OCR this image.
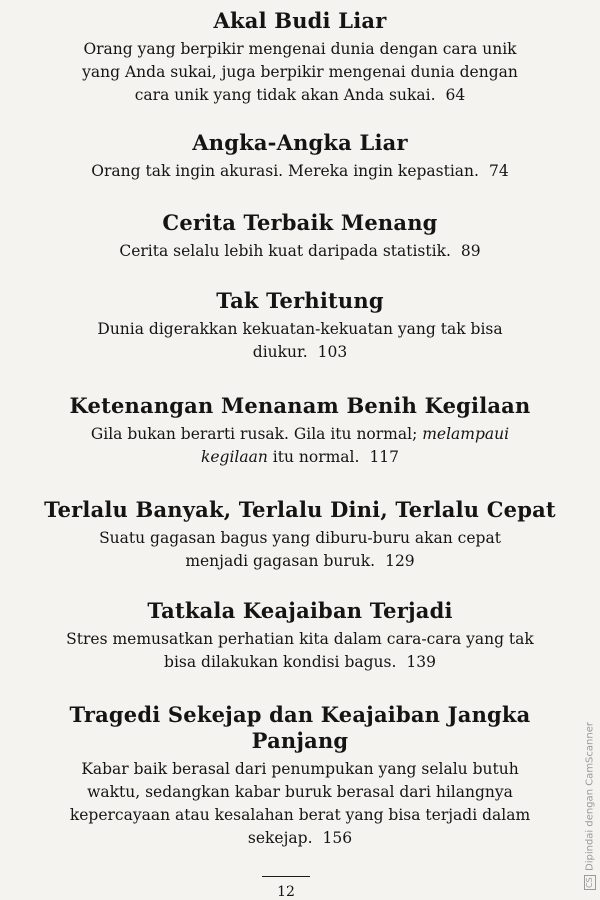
Akal Budi Liar

Orang yang berpikir mengenai dunia dengan cara unik
yang Anda sukai, juga berpikir mengenai dunia dengan
cara unik yang tidak akan Anda sukai. 64

Angka-Angka Liar

Orang tak ingin akurasi. Mereka ingin kepastian. 74

Cerita Terbaik Menang

Cerita selalu lebih kuat daripada statistik. 89

Tak Terhitung

Dunia digerakkan kekuatan-kekuatan yang tak bisa
diukur. 103

Ketenangan Menanam Benih Kegilaan

Gila bukan berarti rusak. Gila itu normal; melampaui
kegilaan itu normal. 117

Terlalu Banyak, Terlalu Dini, Terlalu Cepat

Suatu gagasan bagus yang diburu-buru akan cepat
menjadi gagasan buruk. 129

Tatkala Keajaiban Terjadi

Stres memusatkan perhatian kita dalam cara-cara yang tak
bisa dilakukan kondisi bagus. 139

Tragedi Sekejap dan Keajaiban Jangka
Panjang

Kabar baik berasal dari penumpukan yang selalu butuh
waktu, sedangkan kabar buruk berasal dari hilangnya
kepercayaan atau kesalahan berat yang bisa terjadi dalam
sekejap. 156

12
CS
Dipindai dengan CamScanner
